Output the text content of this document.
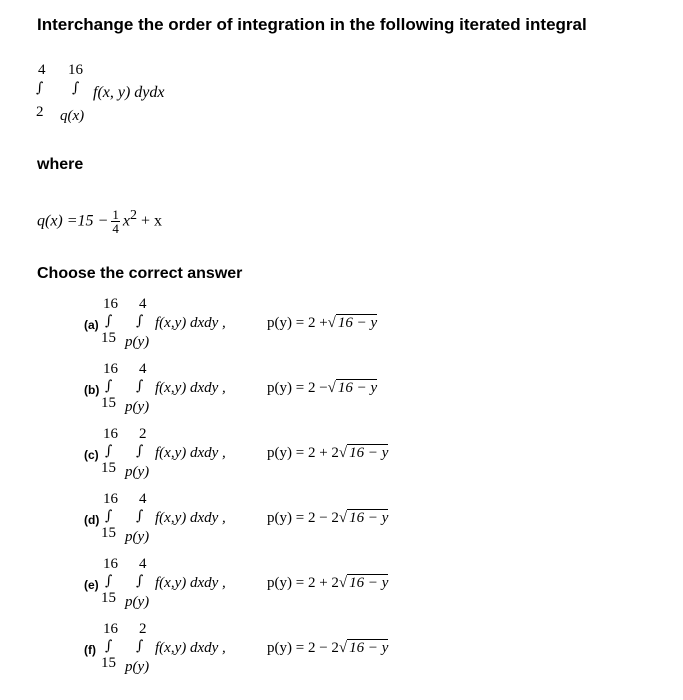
Interchange the order of integration in the following iterated integral
4 16
∫ ∫ f(x, y) dydx
2 q(x)
where
$q(x) =15 - \frac{1}{4} x^2 + x$
Choose the correct answer
16 4
(a) ∫ ∫ f(x,y) dxdy ,	p(y) = 2 +√ 16 − y
15 p(y)
16 4
(b) ∫ ∫ f(x,y) dxdy ,	p(y) = 2 −√ 16 − y
15 p(y)
16 2
(c) ∫ ∫ f(x,y) dxdy ,	p(y) = 2 + 2√ 16 − y
15 p(y)
16 4
(d) ∫ ∫ f(x,y) dxdy ,	p(y) = 2 − 2√ 16 − y
15 p(y)
16 4
(e) ∫ ∫ f(x,y) dxdy ,	p(y) = 2 + 2√ 16 − y
15 p(y)
16 2
(f) ∫ ∫ f(x,y) dxdy ,	p(y) = 2 − 2√ 16 − y
15 p(y)
